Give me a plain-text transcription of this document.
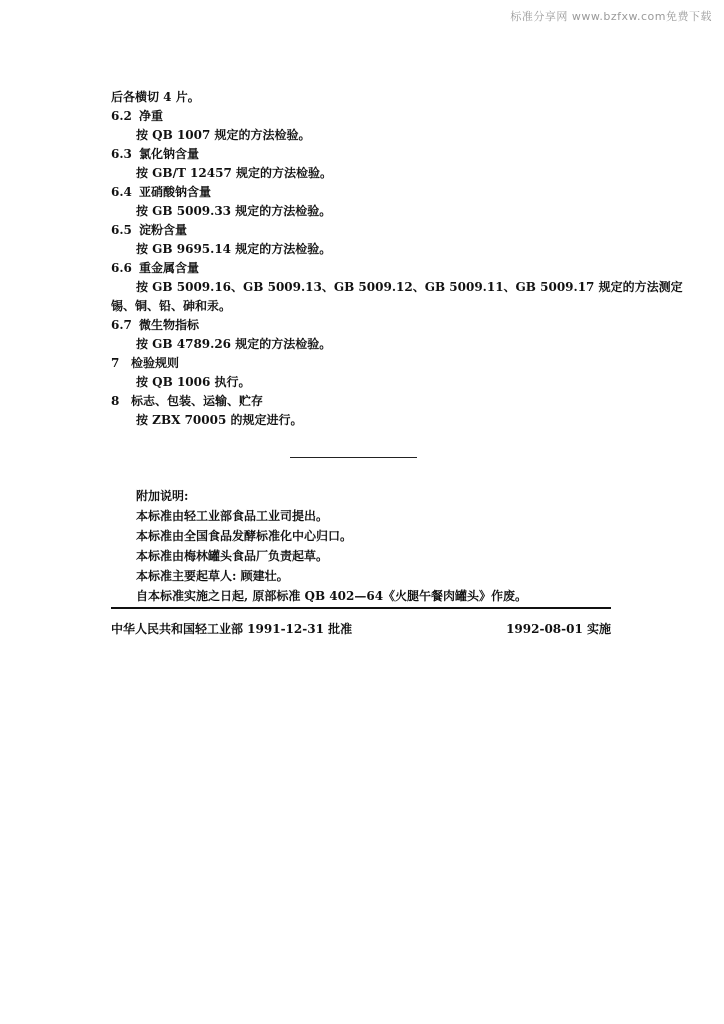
标准分享网 www.bzfxw.com免费下载
后各横切 4 片。
6.2 净重
按 QB 1007 规定的方法检验。
6.3 氯化钠含量
按 GB/T 12457 规定的方法检验。
6.4 亚硝酸钠含量
按 GB 5009.33 规定的方法检验。
6.5 淀粉含量
按 GB 9695.14 规定的方法检验。
6.6 重金属含量
按 GB 5009.16、GB 5009.13、GB 5009.12、GB 5009.11、GB 5009.17 规定的方法测定
锡、铜、铅、砷和汞。
6.7 微生物指标
按 GB 4789.26 规定的方法检验。
7 检验规则
按 QB 1006 执行。
8 标志、包装、运输、贮存
按 ZBX 70005 的规定进行。
附加说明:
本标准由轻工业部食品工业司提出。
本标准由全国食品发酵标准化中心归口。
本标准由梅林罐头食品厂负责起草。
本标准主要起草人: 顾建壮。
自本标准实施之日起, 原部标准 QB 402—64《火腿午餐肉罐头》作废。
中华人民共和国轻工业部 1991-12-31 批准	1992-08-01 实施
